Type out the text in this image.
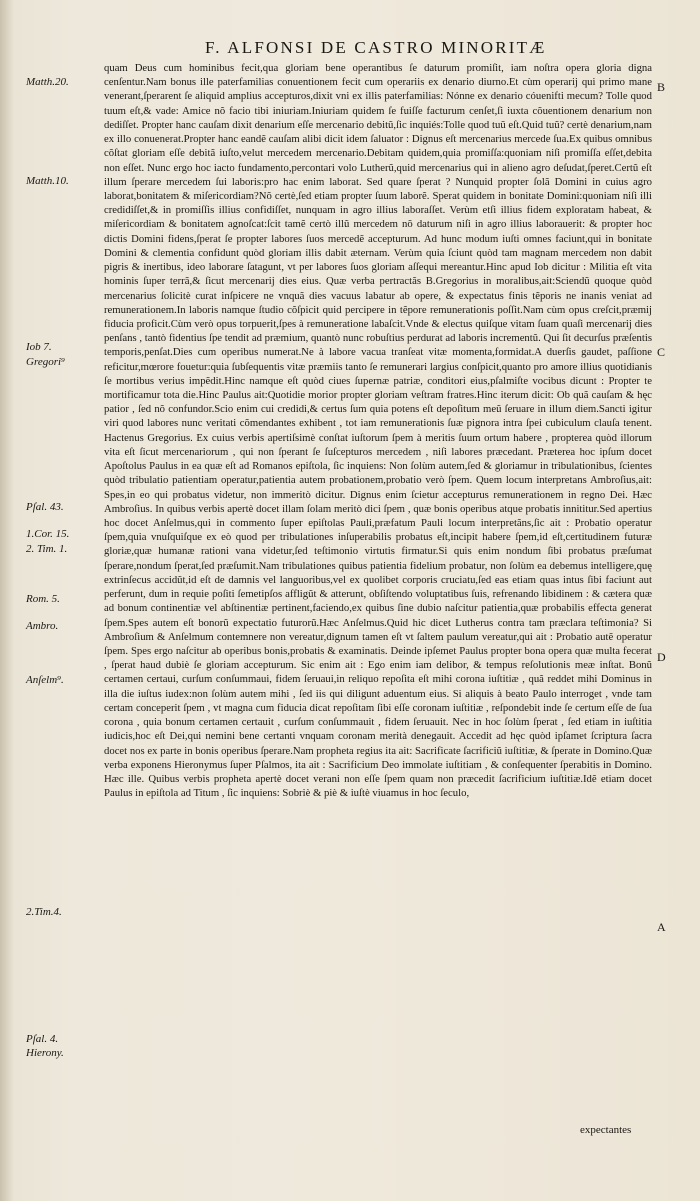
F. ALFONSI DE CASTRO MINORITÆ
quam Deus cum hominibus fecit,qua gloriam bene operantibus ſe daturum promiſit, iam noſtra opera gloria digna cenſentur.Nam bonus ille paterfamilias conuentionem fecit cum operariis ex denario diurno.Et cùm operarij qui primo mane venerant,ſperarent ſe aliquid amplius accepturos,dixit vni ex illis paterfamilias: Nónne ex denario cóuenifti mecum? Tolle quod tuum eſt,& vade: Amice nõ facio tibi iniuriam.Iniuriam quidem ſe fuiſſe facturum cenſet,ſi iuxta cõuentionem denarium non dediſſet. Propter hanc cauſam dixit denarium eſſe mercenario debitũ,ſic inquiés:Tolle quod tuũ eſt.Quid tuũ? certè denarium,nam ex illo conuenerat.Propter hanc eandẽ cauſam alibi dicit idem ſaluator : Dignus eſt mercenarius mercede ſua.Ex quibus omnibus cõſtat gloriam eſſe debitã iuſto,velut mercedem mercenario.Debitam quidem,quia promiſſa:quoniam niſi promiſſa eſſet,debita non eſſet. Nunc ergo hoc iacto fundamento,percontari volo Lutherũ,quid mercenarius qui in alieno agro deſudat,ſperet.Certũ eſt illum ſperare mercedem ſui laboris:pro hac enim laborat. Sed quare ſperat ? Nunquid propter ſolã Domini in cuius agro laborat,bonitatem & miſericordiam?Nõ certè,ſed etiam propter ſuum laborẽ. Sperat quidem in bonitate Domini:quoniam niſi illi credidiſſet,& in promiſſis illius confidiſſet, nunquam in agro illius laboraſſet. Verùm etſi illius fidem exploratam habeat, & miſericordiam & bonitatem agnoſcat:ſcit tamẽ certò illũ mercedem nõ daturum niſi in agro illius laborauerit: & propter hoc dictis Domini fidens,ſperat ſe propter labores ſuos mercedẽ accepturum. Ad hunc modum iuſti omnes faciunt,qui in bonitate Domini & clementia confidunt quòd gloriam illis dabit æternam. Verùm quia ſciunt quòd tam magnam mercedem non dabit pigris & inertibus, ideo laborare ſatagunt, vt per labores ſuos gloriam aſſequi mereantur.Hinc apud Iob dicitur : Militia eſt vita hominis ſuper terrã,& ſicut mercenarij dies eius. Quæ verba pertractãs B.Gregorius in moralibus,ait:Sciendũ quoque quòd mercenarius ſolicitè curat inſpicere ne vnquã dies vacuus labatur ab opere, & expectatus finis tẽporis ne inanis veniat ad remunerationem.In laboris namque ſtudio cõſpicit quid percipere in tẽpore remunerationis poſſit.Nam cùm opus creſcit,præmij fiducia proficit.Cùm verò opus torpuerit,ſpes à remuneratione labaſcit.Vnde & electus quiſque vitam ſuam quaſi mercenarij dies penſans , tantò fidentius ſpe tendit ad præmium, quantò nunc robuſtius perdurat ad laboris incrementũ. Qui ſit decurſus præſentis temporis,penſat.Dies cum operibus numerat.Ne à labore vacua tranſeat vitæ momenta,formidat.A duerſis gaudet, paſſione reficitur,mœrore fouetur:quia ſubſequentis vitæ præmiis tanto ſe remunerari largius conſpicit,quanto pro amore illius quotidianis ſe mortibus verius impẽdit.Hinc namque eſt quòd ciues ſupernæ patriæ, conditori eius,pſalmiſte vocibus dicunt : Propter te mortificamur tota die.Hinc Paulus ait:Quotidie morior propter gloriam veſtram fratres.Hinc iterum dicit: Ob quã cauſam & hęc patior , ſed nõ confundor.Scio enim cui credidi,& certus ſum quia potens eſt depoſitum meũ ſeruare in illum diem.Sancti igitur viri quod labores nunc veritati cõmendantes exhibent , tot iam remunerationis ſuæ pignora intra ſpei cubiculum clauſa tenent. Hactenus Gregorius. Ex cuius verbis apertiſsimè conſtat iuſtorum ſpem à meritis ſuum ortum habere , propterea quòd illorum vita eſt ſicut mercenariorum , qui non ſperant ſe ſuſcepturos mercedem , niſi labores præcedant. Præterea hoc ipſum docet Apoſtolus Paulus in ea quæ eſt ad Romanos epiſtola, ſic inquiens: Non ſolùm autem,ſed & gloriamur in tribulationibus, ſcientes quòd tribulatio patientiam operatur,patientia autem probationem,probatio verò ſpem. Quem locum interpretans Ambroſius,ait: Spes,in eo qui probatus videtur, non immeritò dicitur. Dignus enim ſcietur accepturus remunerationem in regno Dei. Hæc Ambroſius. In quibus verbis apertè docet illam ſolam meritò dici ſpem , quæ bonis operibus atque probatis innititur.Sed apertius hoc docet Anſelmus,qui in commento ſuper epiſtolas Pauli,præfatum Pauli locum interpretãns,ſic ait : Probatio operatur ſpem,quia vnuſquiſque ex eò quod per tribulationes inſuperabilis probatus eſt,incipit habere ſpem,id eſt,certitudinem futuræ gloriæ,quæ humanæ rationi vana videtur,ſed teſtimonio virtutis firmatur.Si quis enim nondum ſibi probatus præſumat ſperare,nondum ſperat,ſed præſumit.Nam tribulationes quibus patientia fidelium probatur, non ſolùm ea debemus intelligere,quę extrinſecus accidũt,id eſt de damnis vel languoribus,vel ex quolibet corporis cruciatu,ſed eas etiam quas intus ſibi faciunt aut perferunt, dum in requie poſiti ſemetipſos affligũt & atterunt, obſiſtendo voluptatibus ſuis, refrenando libidinem : & cætera quæ ad bonum continentiæ vel abſtinentiæ pertinent,faciendo,ex quibus ſine dubio naſcitur patientia,quæ probabilis effecta generat ſpem.Spes autem eſt bonorũ expectatio futurorũ.Hæc Anſelmus.Quid hic dicet Lutherus contra tam præclara teſtimonia? Si Ambroſium & Anſelmum contemnere non vereatur,dignum tamen eſt vt ſaltem paulum vereatur,qui ait : Probatio autẽ operatur ſpem. Spes ergo naſcitur ab operibus bonis,probatis & examinatis. Deinde ipſemet Paulus propter bona opera quæ multa fecerat , ſperat haud dubiè ſe gloriam accepturum. Sic enim ait : Ego enim iam delibor, & tempus reſolutionis meæ inſtat. Bonũ certamen certaui, curſum conſummaui, fidem ſeruaui,in reliquo repoſita eſt mihi corona iuſtitiæ , quã reddet mihi Dominus in illa die iuſtus iudex:non ſolùm autem mihi , ſed iis qui diligunt aduentum eius. Si aliquis à beato Paulo interroget , vnde tam certam conceperit ſpem , vt magna cum fiducia dicat repoſitam ſibi eſſe coronam iuſtitiæ , reſpondebit inde ſe certum eſſe de ſua corona , quia bonum certamen certauit , curſum conſummauit , fidem ſeruauit. Nec in hoc ſolùm ſperat , ſed etiam in iuſtitia iudicis,hoc eſt Dei,qui nemini bene certanti vnquam coronam merità denegauit. Accedit ad hęc quòd ipſamet ſcriptura ſacra docet nos ex parte in bonis operibus ſperare.Nam propheta regius ita ait: Sacrificate ſacrificiũ iuſtitiæ, & ſperate in Domino.Quæ verba exponens Hieronymus ſuper Pſalmos, ita ait : Sacrificium Deo immolate iuſtitiam , & conſequenter ſperabitis in Domino. Hæc ille. Quibus verbis propheta apertè docet verani non eſſe ſpem quam non præcedit ſacrificium iuſtitiæ.Idẽ etiam docet Paulus in epiſtola ad Titum , ſic inquiens: Sobriè & piè & iuſtè viuamus in hoc ſeculo,
Matth.20.
Matth.10.
Iob 7.
Gregori⁹
Pſal. 43.
1.Cor. 15.
2. Tim. 1.
Rom. 5.
Ambro.
Anſelm⁹.
2.Tim.4.
Pſal. 4.
Hierony.
B
C
D
A
expectantes
